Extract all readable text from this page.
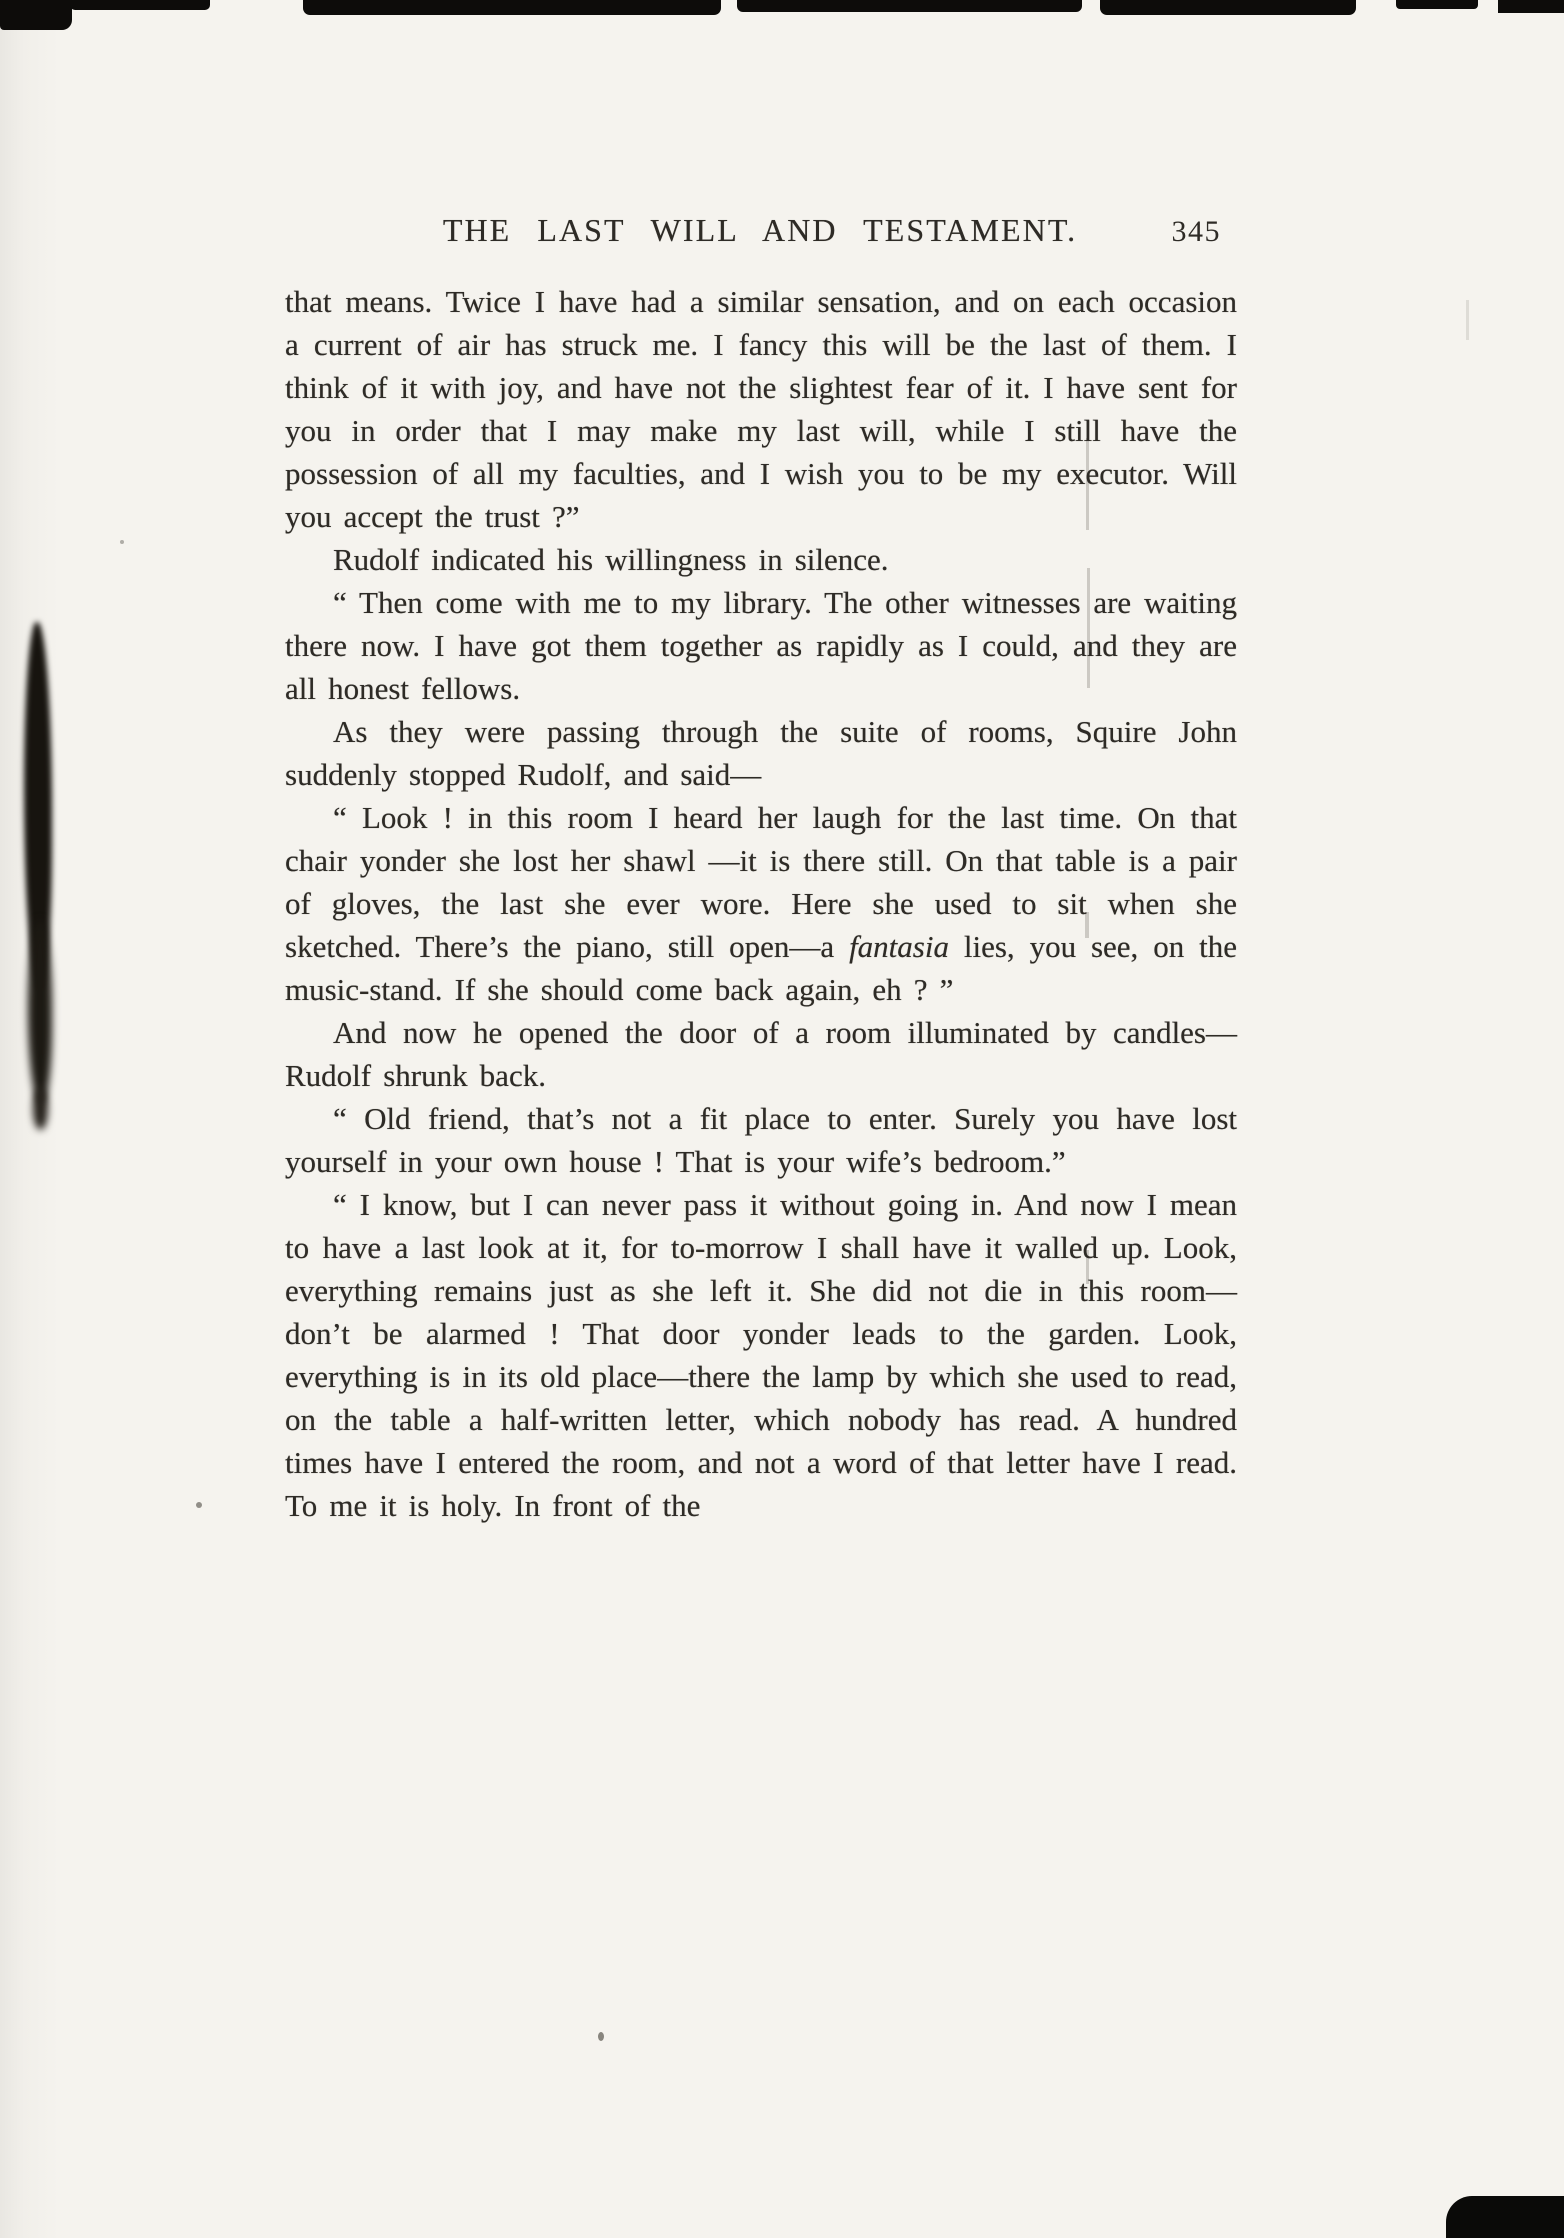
THE LAST WILL AND TESTAMENT.	345

that means. Twice I have had a similar sensation, and on each occasion a current of air has struck me. I fancy this will be the last of them. I think of it with joy, and have not the slightest fear of it. I have sent for you in order that I may make my last will, while I still have the possession of all my faculties, and I wish you to be my executor. Will you accept the trust ?”

Rudolf indicated his willingness in silence.

“ Then come with me to my library. The other witnesses are waiting there now. I have got them together as rapidly as I could, and they are all honest fellows.

As they were passing through the suite of rooms, Squire John suddenly stopped Rudolf, and said—

“ Look ! in this room I heard her laugh for the last time. On that chair yonder she lost her shawl —it is there still. On that table is a pair of gloves, the last she ever wore. Here she used to sit when she sketched. There’s the piano, still open—a fantasia lies, you see, on the music-stand. If she should come back again, eh ? ”

And now he opened the door of a room illuminated by candles—Rudolf shrunk back.

“ Old friend, that’s not a fit place to enter. Surely you have lost yourself in your own house ! That is your wife’s bedroom.”

“ I know, but I can never pass it without going in. And now I mean to have a last look at it, for to-morrow I shall have it walled up. Look, everything remains just as she left it. She did not die in this room—don’t be alarmed ! That door yonder leads to the garden. Look, everything is in its old place—there the lamp by which she used to read, on the table a half-written letter, which nobody has read. A hundred times have I entered the room, and not a word of that letter have I read. To me it is holy. In front of the
